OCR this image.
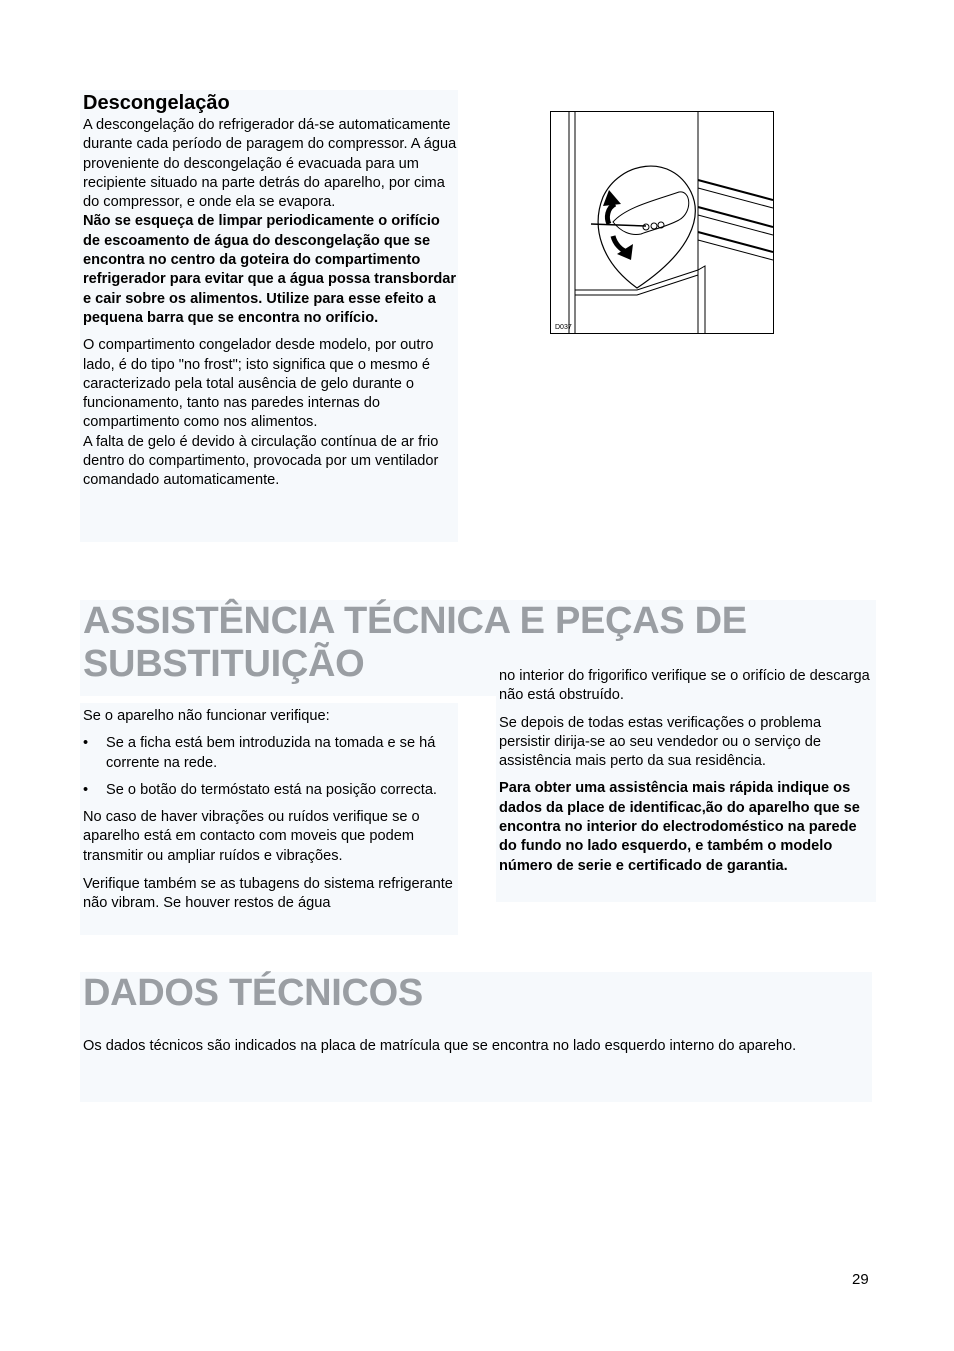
Descongelação

A descongelação do refrigerador dá-se automaticamente durante cada período de paragem do compressor. A água proveniente do descongelação é evacuada para um recipiente situado na parte detrás do aparelho, por cima do compressor, e onde ela se evapora.

Não se esqueça de limpar periodicamente o orifício de escoamento de água do descongelação que se encontra no centro da goteira do compartimento refrigerador para evitar que a água possa transbordar e cair sobre os alimentos. Utilize para esse efeito a pequena barra que se encontra no orifício.

O compartimento congelador desde modelo, por outro lado, é do tipo "no frost"; isto significa que o mesmo é caracterizado pela total ausência de gelo durante o funcionamento, tanto nas paredes internas do compartimento como nos alimentos.

A falta de gelo é devido à circulação contínua de ar frio dentro do compartimento, provocada por um ventilador comandado automaticamente.

D037
ASSISTÊNCIA TÉCNICA E PEÇAS DE
SUBSTITUIÇÃO

Se o aparelho não funcionar verifique:

• Se a ficha está bem introduzida na tomada e se há corrente na rede.
• Se o botão do termóstato está na posição correcta.

No caso de haver vibrações ou ruídos verifique se o aparelho está em contacto com moveis que podem transmitir ou ampliar ruídos e vibrações.

Verifique também se as tubagens do sistema refrigerante não vibram. Se houver restos de água

no interior do frigorifico verifique se o orifício de descarga não está obstruído.

Se depois de todas estas verificações o problema persistir dirija-se ao seu vendedor ou o serviço de assistência mais perto da sua residência.

Para obter uma assistência mais rápida indique os dados da place de identificac,ão do aparelho que se encontra no interior do electrodoméstico na parede do fundo no lado esquerdo, e também o modelo número de serie e certificado de garantia.

DADOS TÉCNICOS

Os dados técnicos são indicados na placa de matrícula que se encontra no lado esquerdo interno do apareho.

29
